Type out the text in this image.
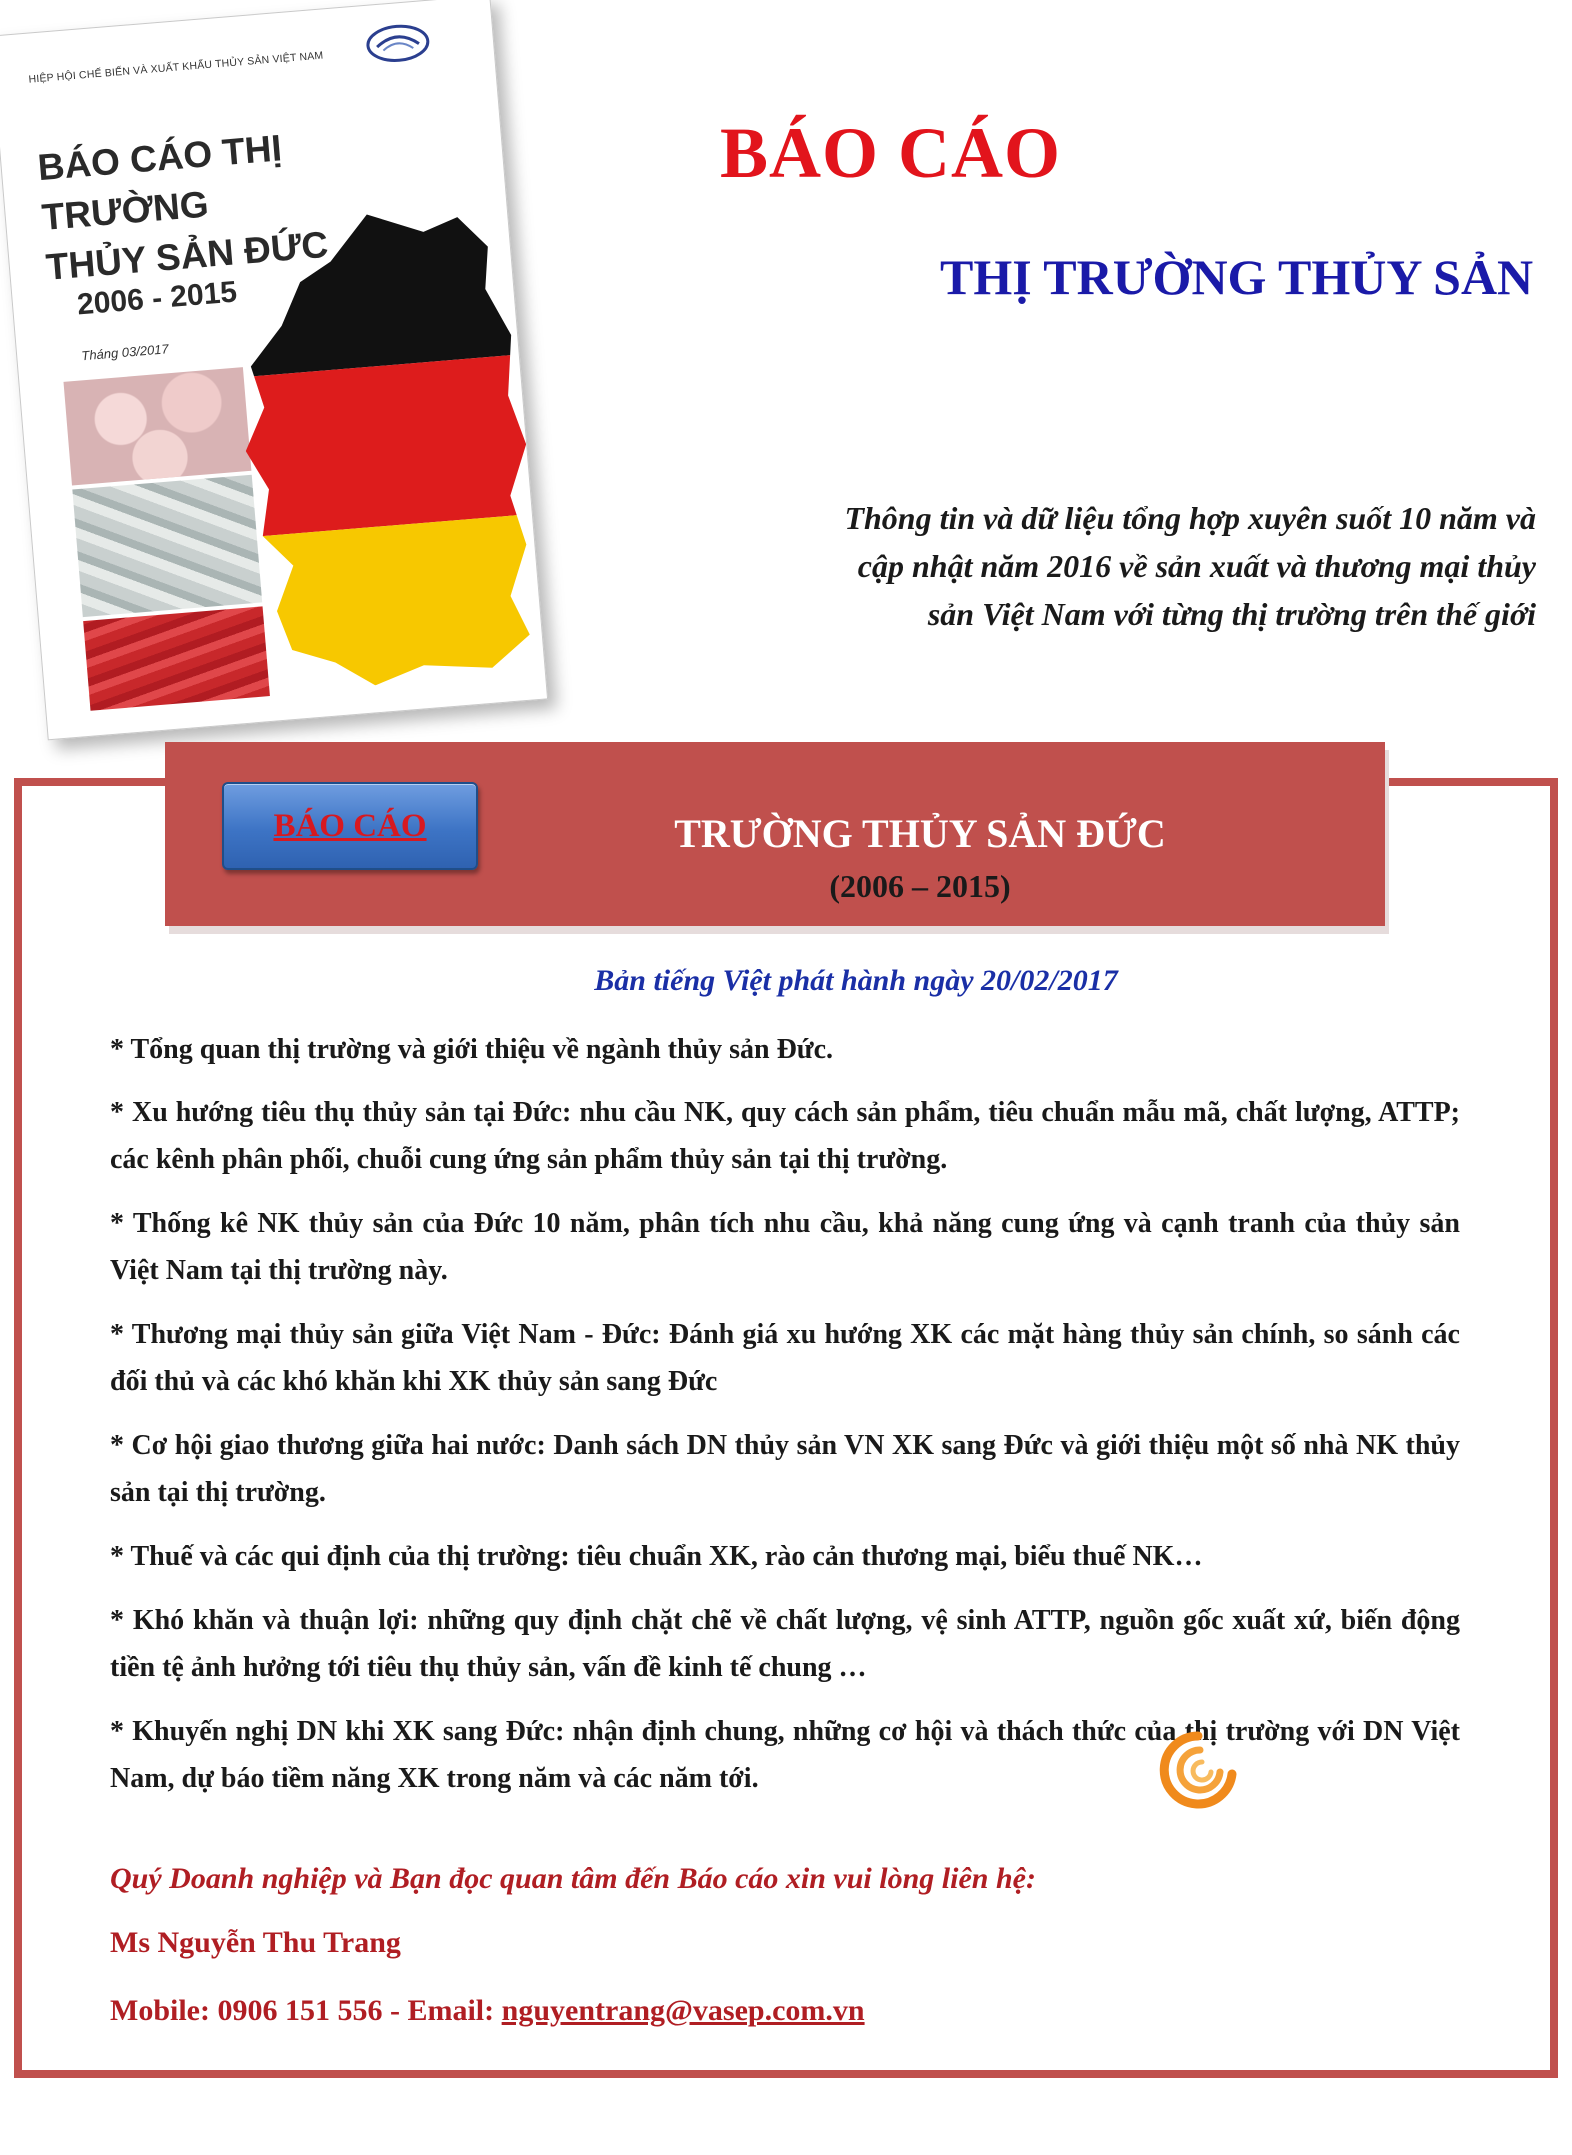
HIỆP HỘI CHẾ BIẾN VÀ XUẤT KHẨU THỦY SẢN VIỆT NAM
BÁO CÁO THỊ TRƯỜNG
THỦY SẢN ĐỨC
2006 - 2015
Tháng 03/2017
BÁO CÁO
THỊ TRƯỜNG THỦY SẢN
Thông tin và dữ liệu tổng hợp xuyên suốt 10 năm và
cập nhật năm 2016 về sản xuất và thương mại thủy
sản Việt Nam với từng thị trường trên thế giới
TRƯỜNG THỦY SẢN ĐỨC
(2006 – 2015)
BÁO CÁO
Bản tiếng Việt phát hành ngày 20/02/2017
* Tổng quan thị trường và giới thiệu về ngành thủy sản Đức.
* Xu hướng tiêu thụ thủy sản tại Đức: nhu cầu NK, quy cách sản phẩm, tiêu chuẩn mẫu mã, chất lượng, ATTP; các kênh phân phối, chuỗi cung ứng sản phẩm thủy sản tại thị trường.
* Thống kê NK thủy sản của Đức 10 năm, phân tích nhu cầu, khả năng cung ứng và cạnh tranh của thủy sản Việt Nam tại thị trường này.
* Thương mại thủy sản giữa Việt Nam - Đức: Đánh giá xu hướng XK các mặt hàng thủy sản chính, so sánh các đối thủ và các khó khăn khi XK thủy sản sang Đức
* Cơ hội giao thương giữa hai nước: Danh sách DN thủy sản VN XK sang Đức và giới thiệu một số nhà NK thủy sản tại thị trường.
* Thuế và các qui định của thị trường: tiêu chuẩn XK, rào cản thương mại, biểu thuế NK…
* Khó khăn và thuận lợi: những quy định chặt chẽ về chất lượng, vệ sinh ATTP, nguồn gốc xuất xứ, biến động tiền tệ ảnh hưởng tới tiêu thụ thủy sản, vấn đề kinh tế chung …
* Khuyến nghị DN khi XK sang Đức: nhận định chung, những cơ hội và thách thức của thị trường với DN Việt Nam, dự báo tiềm năng XK trong năm và các năm tới.
Quý Doanh nghiệp và Bạn đọc quan tâm đến Báo cáo xin vui lòng liên hệ:
Ms Nguyễn Thu Trang
Mobile: 0906 151 556 - Email: nguyentrang@vasep.com.vn
